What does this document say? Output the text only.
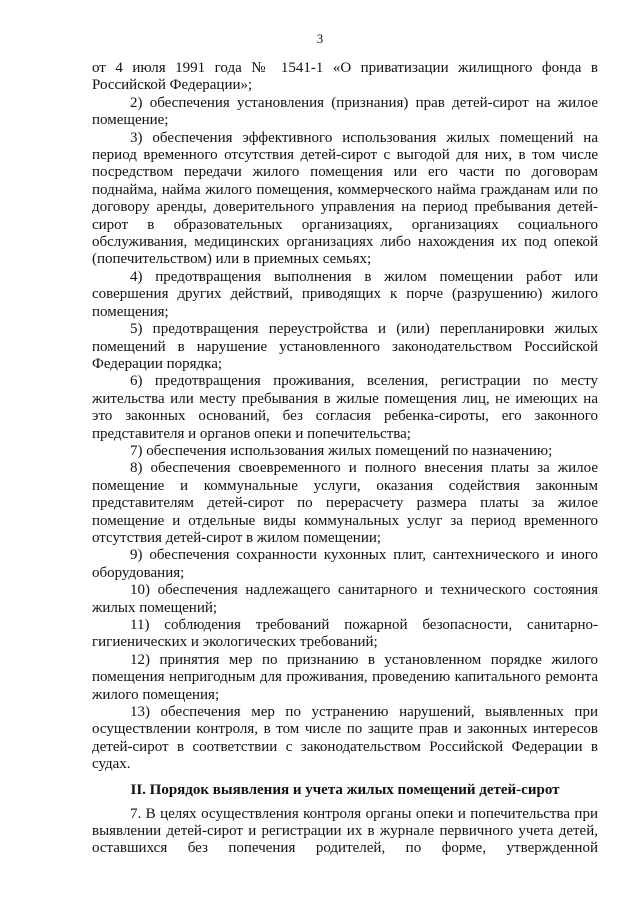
3

от 4 июля 1991 года № 1541-1 «О приватизации жилищного фонда в Российской Федерации»;

2) обеспечения установления (признания) прав детей-сирот на жилое помещение;

3) обеспечения эффективного использования жилых помещений на период временного отсутствия детей-сирот с выгодой для них, в том числе посредством передачи жилого помещения или его части по договорам поднайма, найма жилого помещения, коммерческого найма гражданам или по договору аренды, доверительного управления на период пребывания детей-сирот в образовательных организациях, организациях социального обслуживания, медицинских организациях либо нахождения их под опекой (попечительством) или в приемных семьях;

4) предотвращения выполнения в жилом помещении работ или совершения других действий, приводящих к порче (разрушению) жилого помещения;

5) предотвращения переустройства и (или) перепланировки жилых помещений в нарушение установленного законодательством Российской Федерации порядка;

6) предотвращения проживания, вселения, регистрации по месту жительства или месту пребывания в жилые помещения лиц, не имеющих на это законных оснований, без согласия ребенка-сироты, его законного представителя и органов опеки и попечительства;

7) обеспечения использования жилых помещений по назначению;

8) обеспечения своевременного и полного внесения платы за жилое помещение и коммунальные услуги, оказания содействия законным представителям детей-сирот по перерасчету размера платы за жилое помещение и отдельные виды коммунальных услуг за период временного отсутствия детей-сирот в жилом помещении;

9) обеспечения сохранности кухонных плит, сантехнического и иного оборудования;

10) обеспечения надлежащего санитарного и технического состояния жилых помещений;

11) соблюдения требований пожарной безопасности, санитарно-гигиенических и экологических требований;

12) принятия мер по признанию в установленном порядке жилого помещения непригодным для проживания, проведению капитального ремонта жилого помещения;

13) обеспечения мер по устранению нарушений, выявленных при осуществлении контроля, в том числе по защите прав и законных интересов детей-сирот в соответствии с законодательством Российской Федерации в судах.

II. Порядок выявления и учета жилых помещений детей-сирот

7. В целях осуществления контроля органы опеки и попечительства при выявлении детей-сирот и регистрации их в журнале первичного учета детей, оставшихся без попечения родителей, по форме, утвержденной
